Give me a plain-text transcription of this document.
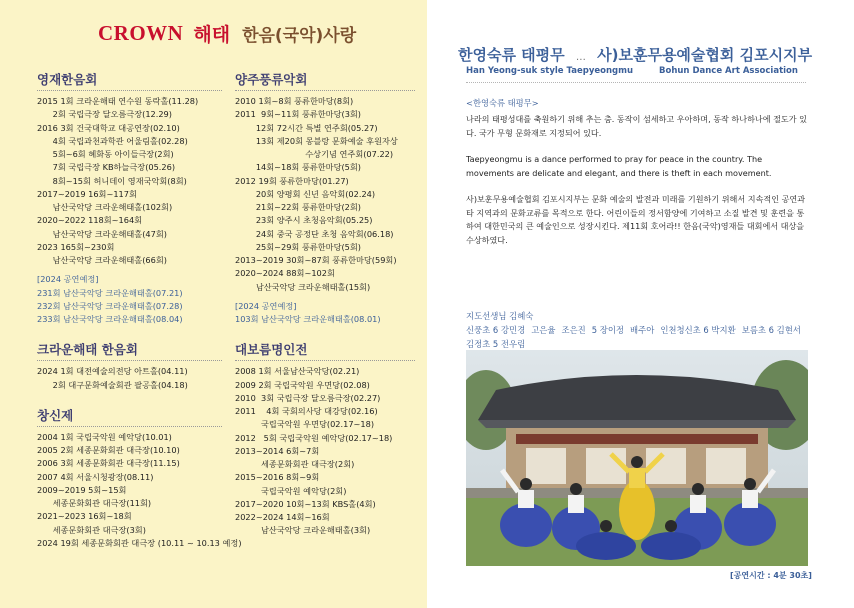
CROWN 해태 한음(국악)사랑
영재한음회
2015 1회 크라운해태 연수원 동락홀(11.28)
2회 국립극장 달오름극장(12.29)
2016 3회 건국대학교 대공연장(02.10)
4회 국립과천과학관 어울림홀(02.28)
5회~6회 혜화동 아이들극장(2회)
7회 국립극장 KB하늘극장(05.26)
8회~15회 허니데이 영재국악회(8회)
2017~2019 16회~117회
남산국악당 크라운해태홀(102회)
2020~2022 118회~164회
남산국악당 크라운해태홀(47회)
2023 165회~230회
남산국악당 크라운해태홀(66회)
[2024 공연예정]
231회 남산국악당 크라운해태홀(07.21)
232회 남산국악당 크라운해태홀(07.28)
233회 남산국악당 크라운해태홀(08.04)
크라운해태 한음회
2024 1회 대전예술의전당 아트홀(04.11)
2회 대구문화예술회관 팔공홀(04.18)
창신제
2004 1회 국립국악원 예악당(10.01)
2005 2회 세종문화회관 대극장(10.10)
2006 3회 세종문화회관 대극장(11.15)
2007 4회 서울시청광장(08.11)
2009~2019 5회~15회
세종문화회관 대극장(11회)
2021~2023 16회~18회
세종문화회관 대극장(3회)
2024 19회 세종문화회관 대극장 (10.11 ~ 10.13 예정)
양주풍류악회
2010 1회~8회 풍류한마당(8회)
2011  9회~11회 풍류한마당(3회)
12회 72시간 특별 연주회(05.27)
13회 제20회 몽블랑 문화예술 후원자상
수상기념 연주회(07.22)
14회~18회 풍류한마당(5회)
2012 19회 풍류한마당(01.27)
20회 양평회 신년 음악회(02.24)
21회~22회 풍류한마당(2회)
23회 양주시 초청음악회(05.25)
24회 중국 공정단 초청 음악회(06.18)
25회~29회 풍류한마당(5회)
2013~2019 30회~87회 풍류한마당(59회)
2020~2024 88회~102회
남산국악당 크라운해태홀(15회)
[2024 공연예정]
103회 남산국악당 크라운해태홀(08.01)
대보름명인전
2008 1회 서울남산국악당(02.21)
2009 2회 국립국악원 우면당(02.08)
2010  3회 국립극장 달오름극장(02.27)
2011    4회 국회의사당 대강당(02.16)
국립국악원 우면당(02.17~18)
2012   5회 국립국악원 예악당(02.17~18)
2013~2014 6회~7회
세종문화회관 대극장(2회)
2015~2016 8회~9회
국립국악원 예악당(2회)
2017~2020 10회~13회 KBS홀(4회)
2022~2024 14회~16회
남산국악당 크라운해태홀(3회)
한영숙류 태평무 … 사)보훈무용예술협회 김포시지부
Han Yeong-suk style Taepyeongmu	Bohun Dance Art Association
<한영숙류 태평무>
나라의 태평성대를 축원하기 위해 추는 춤. 동작이 섬세하고 우아하며, 동작 하나하나에 절도가 있다. 국가 무형 문화재로 지정되어 있다.
Taepyeongmu is a dance performed to pray for peace in the country. The movements are delicate and elegant, and there is theft in each movement.
사)보훈무용예술협회 김포시지부는 문화 예술의 발전과 미래를 기원하기 위해서 지속적인 공연과 타 지역과의 문화교류를 목적으로 한다. 어린이들의 정서함양에 기여하고 소질 발견 및 훈련을 통하여 대한민국의 큰 예술인으로 성장시킨다. 제11회 호어라!! 한음(국악)영재들 대회에서 대상을 수상하였다.
지도선생님 김혜숙
신풍초 6 강민경 고은율 조은진 5 장이정 배주아 인천청신초 6 박지환 보름초 6 김현서김정초 5 전우림
[공연시간 : 4분 30초]
